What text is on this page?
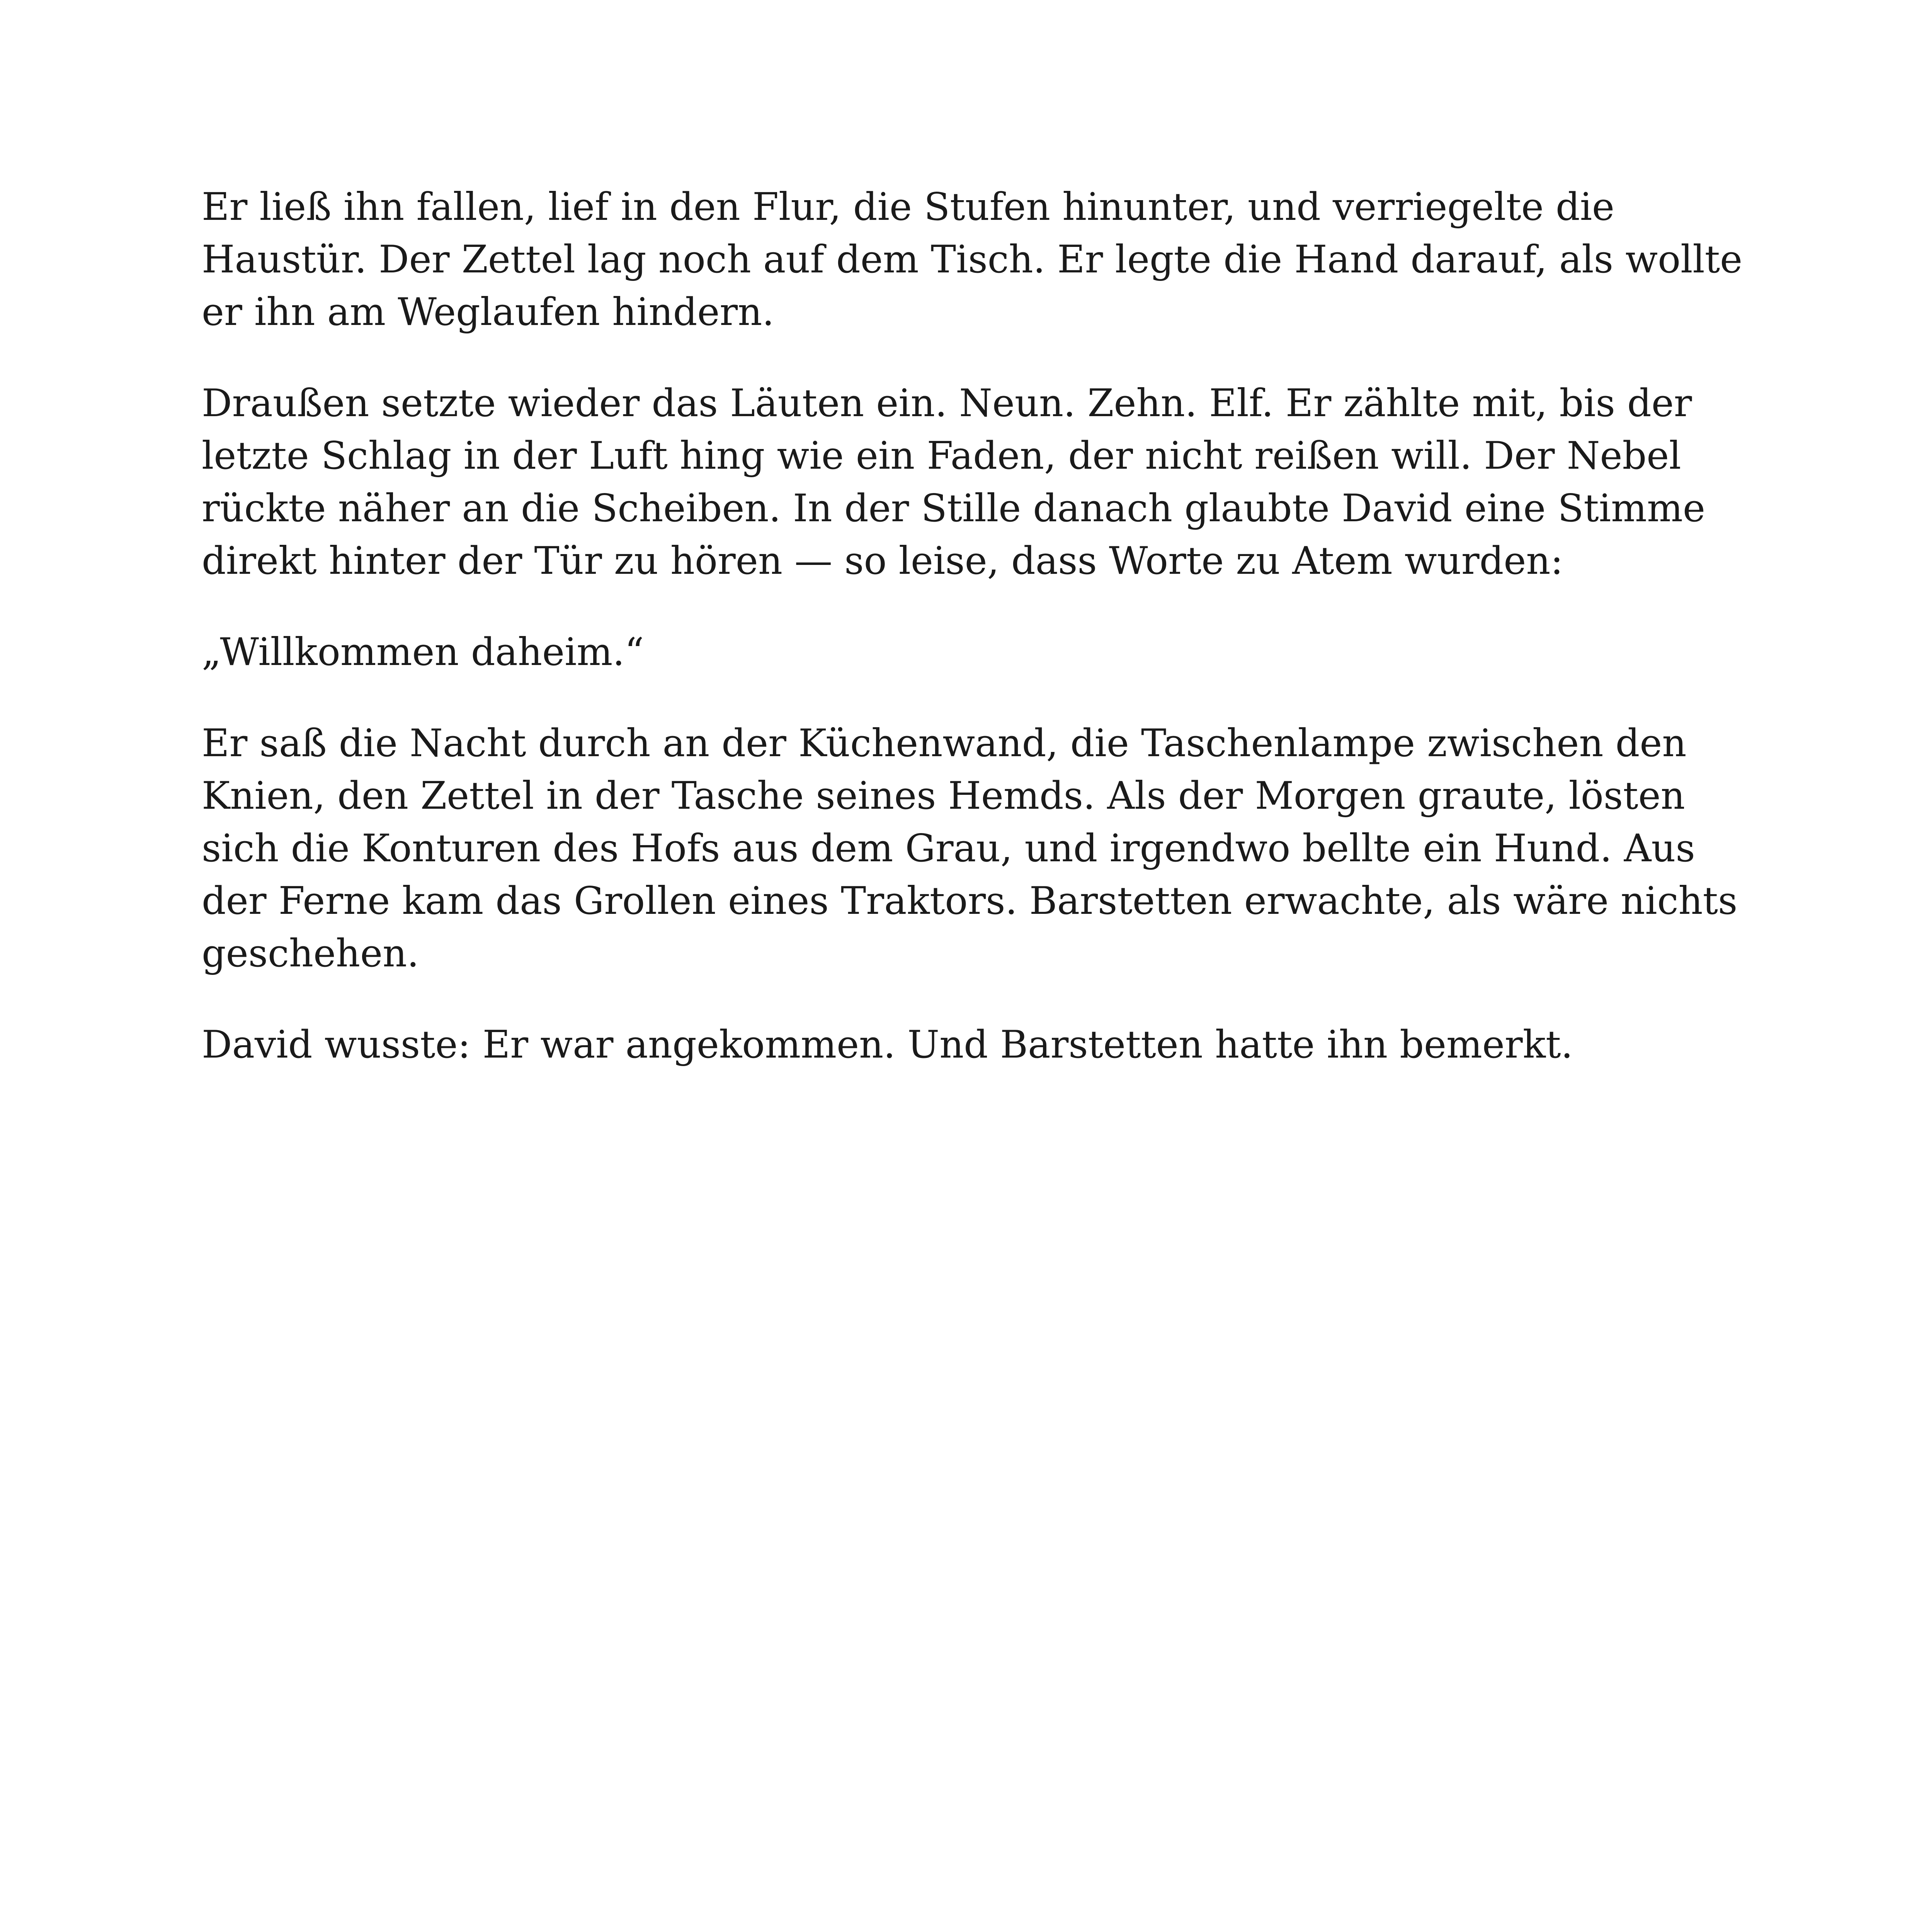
Er ließ ihn fallen, lief in den Flur, die Stufen hinunter, und verriegelte die Haustür. Der Zettel lag noch auf dem Tisch. Er legte die Hand darauf, als wollte er ihn am Weglaufen hindern.

Draußen setzte wieder das Läuten ein. Neun. Zehn. Elf. Er zählte mit, bis der letzte Schlag in der Luft hing wie ein Faden, der nicht reißen will. Der Nebel rückte näher an die Scheiben. In der Stille danach glaubte David eine Stimme direkt hinter der Tür zu hören — so leise, dass Worte zu Atem wurden:

„Willkommen daheim.“

Er saß die Nacht durch an der Küchenwand, die Taschenlampe zwischen den Knien, den Zettel in der Tasche seines Hemds. Als der Morgen graute, lösten sich die Konturen des Hofs aus dem Grau, und irgendwo bellte ein Hund. Aus der Ferne kam das Grollen eines Traktors. Barstetten erwachte, als wäre nichts geschehen.

David wusste: Er war angekommen. Und Barstetten hatte ihn bemerkt.
